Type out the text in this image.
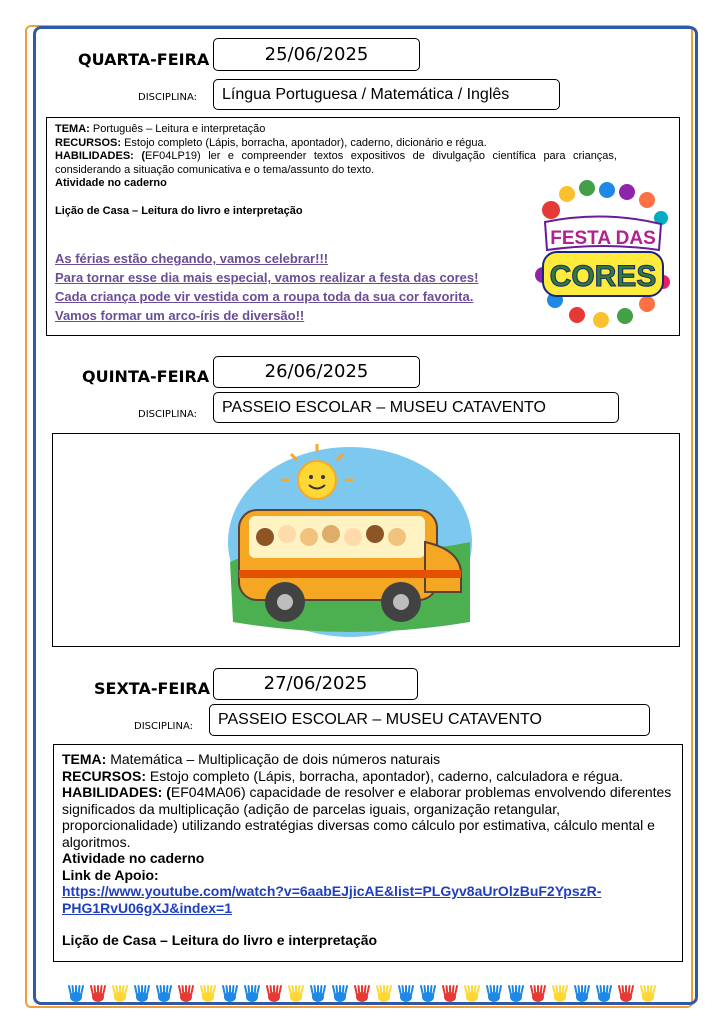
QUARTA-FEIRA	25/06/2025
DISCIPLINA:	Língua Portuguesa / Matemática / Inglês
TEMA: Português – Leitura e interpretação
RECURSOS: Estojo completo (Lápis, borracha, apontador), caderno, dicionário e régua.
HABILIDADES: (EF04LP19) ler e compreender textos expositivos de divulgação científica para crianças, considerando a situação comunicativa e o tema/assunto do texto.
Atividade no caderno
Lição de Casa – Leitura do livro e interpretação
As férias estão chegando, vamos celebrar!!!
Para tornar esse dia mais especial, vamos realizar a festa das cores!
Cada criança pode vir vestida com a roupa toda da sua cor favorita.
Vamos formar um arco-íris de diversão!!
FESTA DAS
CORES
QUINTA-FEIRA	26/06/2025
DISCIPLINA:	PASSEIO ESCOLAR – MUSEU CATAVENTO
SEXTA-FEIRA	27/06/2025
DISCIPLINA:	PASSEIO ESCOLAR – MUSEU CATAVENTO
TEMA: Matemática – Multiplicação de dois números naturais
RECURSOS: Estojo completo (Lápis, borracha, apontador), caderno, calculadora e régua.
HABILIDADES: (EF04MA06) capacidade de resolver e elaborar problemas envolvendo diferentes significados da multiplicação (adição de parcelas iguais, organização retangular, proporcionalidade) utilizando estratégias diversas como cálculo por estimativa, cálculo mental e algoritmos.
Atividade no caderno
Link de Apoio:
https://www.youtube.com/watch?v=6aabEJjicAE&list=PLGyv8aUrOlzBuF2YpszR-
PHG1RvU06gXJ&index=1
Lição de Casa – Leitura do livro e interpretação
